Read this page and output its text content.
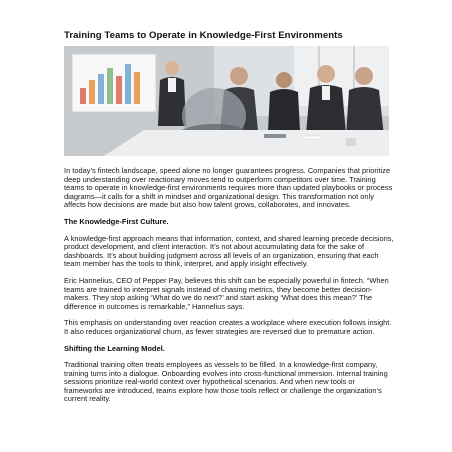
Training Teams to Operate in Knowledge-First Environments

In today’s fintech landscape, speed alone no longer guarantees progress. Companies that prioritize deep understanding over reactionary moves tend to outperform competitors over time. Training teams to operate in knowledge-first environments requires more than updated playbooks or process diagrams—it calls for a shift in mindset and organizational design. This transformation not only affects how decisions are made but also how talent grows, collaborates, and innovates.

The Knowledge-First Culture.

A knowledge-first approach means that information, context, and shared learning precede decisions, product development, and client interaction. It’s not about accumulating data for the sake of dashboards. It’s about building judgment across all levels of an organization, ensuring that each team member has the tools to think, interpret, and apply insight effectively.

Eric Hannelius, CEO of Pepper Pay, believes this shift can be especially powerful in fintech. “When teams are trained to interpret signals instead of chasing metrics, they become better decision-makers. They stop asking ‘What do we do next?’ and start asking ‘What does this mean?’ The difference in outcomes is remarkable,” Hannelius says.

This emphasis on understanding over reaction creates a workplace where execution follows insight. It also reduces organizational churn, as fewer strategies are reversed due to premature action.

Shifting the Learning Model.

Traditional training often treats employees as vessels to be filled. In a knowledge-first company, training turns into a dialogue. Onboarding evolves into cross-functional immersion. Internal training sessions prioritize real-world context over hypothetical scenarios. And when new tools or frameworks are introduced, teams explore how those tools reflect or challenge the organization’s current reality.
